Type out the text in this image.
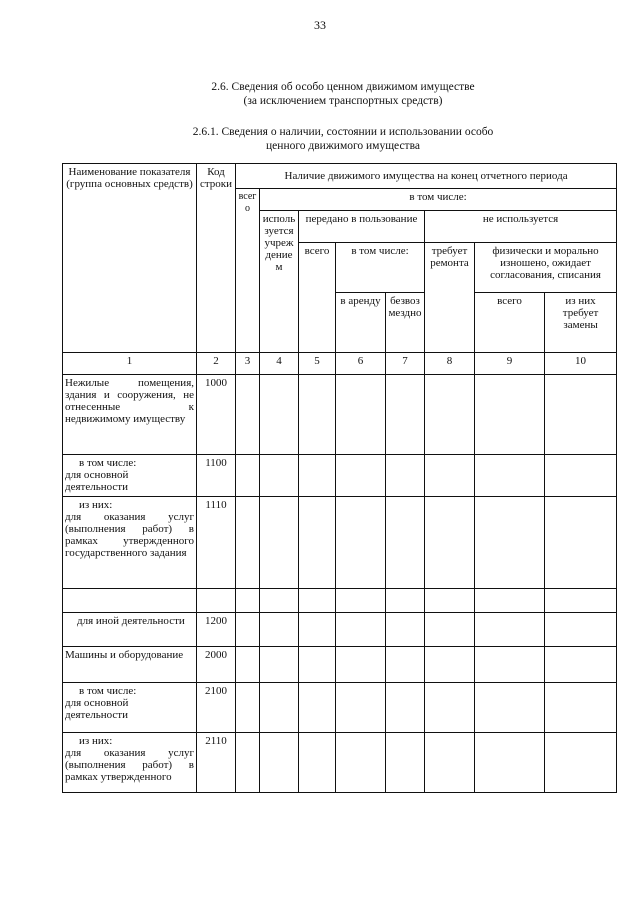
33
2.6. Сведения об особо ценном движимом имуществе
(за исключением транспортных средств)
2.6.1. Сведения о наличии, состоянии и использовании особо
ценного движимого имущества
Наименование показателя (группа основных средств)	Код строки	Наличие движимого имущества на конец отчетного периода							
		всего	в том числе:						
			используется учреждением	передано в пользование			не используется		
				всего	в том числе:		требует ремонта	физически и морально изношено, ожидает согласования, списания	
					в аренду	безвозмездно		всего	из них требует замены

1	2	3	4	5	6	7	8	9	10
Нежилые помещения, здания и сооружения, не отнесенные к недвижимому имуществу	1000								

в том числе:
для основной деятельности	1100								

из них:
для оказания услуг (выполнения работ) в рамках утвержденного государственного задания	1110								

для иной деятельности	1200								
Машины и оборудование	2000								

в том числе:
для основной деятельности	2100								

из них:
для оказания услуг (выполнения работ) в рамках утвержденного	2110								
